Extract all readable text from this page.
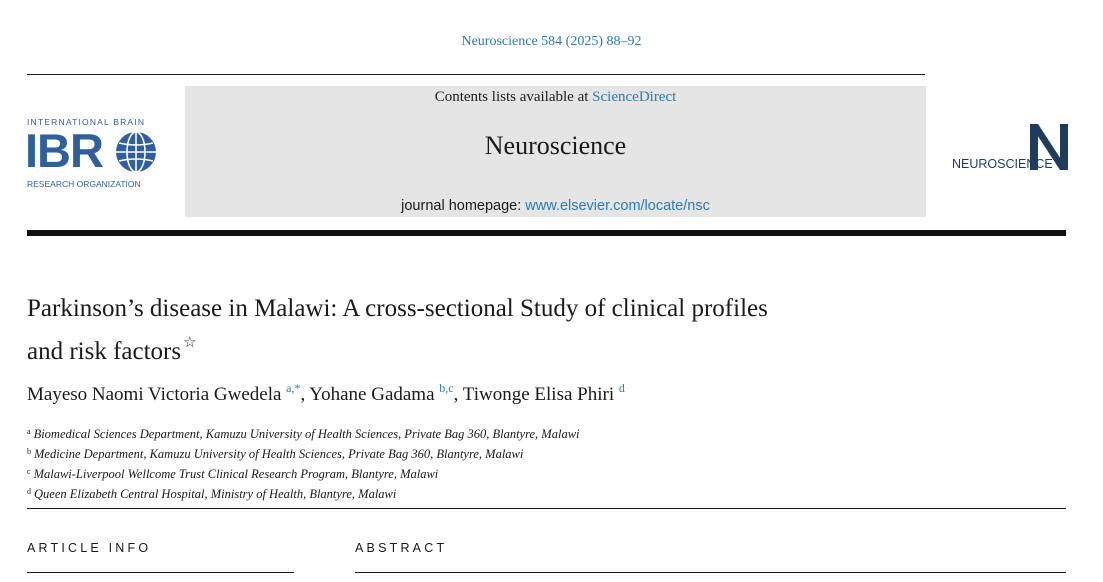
Neuroscience 584 (2025) 88–92
INTERNATIONAL BRAIN
IBR
RESEARCH ORGANIZATION
Contents lists available at ScienceDirect
Neuroscience
journal homepage: www.elsevier.com/locate/nsc
NEUROSCIENCE
Parkinson’s disease in Malawi: A cross-sectional Study of clinical profiles
and risk factors ☆
Mayeso Naomi Victoria Gwedela $^{a,*}$, Yohane Gadama $^{b,c}$, Tiwonge Elisa Phiri $^d$
$^a$ Biomedical Sciences Department, Kamuzu University of Health Sciences, Private Bag 360, Blantyre, Malawi
$^b$ Medicine Department, Kamuzu University of Health Sciences, Private Bag 360, Blantyre, Malawi
$^c$ Malawi-Liverpool Wellcome Trust Clinical Research Program, Blantyre, Malawi
$^d$ Queen Elizabeth Central Hospital, Ministry of Health, Blantyre, Malawi
ARTICLE INFO	ABSTRACT
